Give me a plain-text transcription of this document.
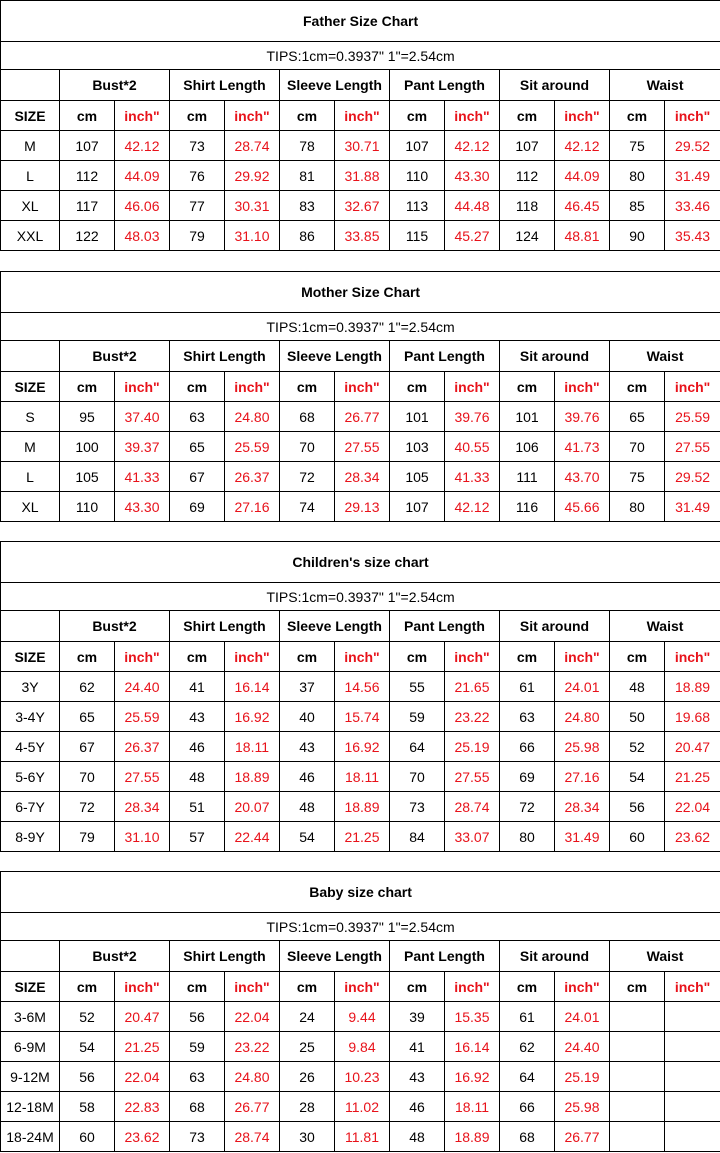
Father Size Chart												
TIPS:1cm=0.3937" 1"=2.54cm												
	Bust*2		Shirt Length		Sleeve Length		Pant Length		Sit around		Waist	
SIZE	cm	inch"	cm	inch"	cm	inch"	cm	inch"	cm	inch"	cm	inch"
M	107	42.12	73	28.74	78	30.71	107	42.12	107	42.12	75	29.52
L	112	44.09	76	29.92	81	31.88	110	43.30	112	44.09	80	31.49
XL	117	46.06	77	30.31	83	32.67	113	44.48	118	46.45	85	33.46
XXL	122	48.03	79	31.10	86	33.85	115	45.27	124	48.81	90	35.43
Mother Size Chart												
TIPS:1cm=0.3937" 1"=2.54cm												
	Bust*2		Shirt Length		Sleeve Length		Pant Length		Sit around		Waist	
SIZE	cm	inch"	cm	inch"	cm	inch"	cm	inch"	cm	inch"	cm	inch"
S	95	37.40	63	24.80	68	26.77	101	39.76	101	39.76	65	25.59
M	100	39.37	65	25.59	70	27.55	103	40.55	106	41.73	70	27.55
L	105	41.33	67	26.37	72	28.34	105	41.33	111	43.70	75	29.52
XL	110	43.30	69	27.16	74	29.13	107	42.12	116	45.66	80	31.49
Children's size chart												
TIPS:1cm=0.3937" 1"=2.54cm												
	Bust*2		Shirt Length		Sleeve Length		Pant Length		Sit around		Waist	
SIZE	cm	inch"	cm	inch"	cm	inch"	cm	inch"	cm	inch"	cm	inch"
3Y	62	24.40	41	16.14	37	14.56	55	21.65	61	24.01	48	18.89
3-4Y	65	25.59	43	16.92	40	15.74	59	23.22	63	24.80	50	19.68
4-5Y	67	26.37	46	18.11	43	16.92	64	25.19	66	25.98	52	20.47
5-6Y	70	27.55	48	18.89	46	18.11	70	27.55	69	27.16	54	21.25
6-7Y	72	28.34	51	20.07	48	18.89	73	28.74	72	28.34	56	22.04
8-9Y	79	31.10	57	22.44	54	21.25	84	33.07	80	31.49	60	23.62
Baby size chart												
TIPS:1cm=0.3937" 1"=2.54cm												
	Bust*2		Shirt Length		Sleeve Length		Pant Length		Sit around		Waist	
SIZE	cm	inch"	cm	inch"	cm	inch"	cm	inch"	cm	inch"	cm	inch"
3-6M	52	20.47	56	22.04	24	9.44	39	15.35	61	24.01		
6-9M	54	21.25	59	23.22	25	9.84	41	16.14	62	24.40		
9-12M	56	22.04	63	24.80	26	10.23	43	16.92	64	25.19		
12-18M	58	22.83	68	26.77	28	11.02	46	18.11	66	25.98		
18-24M	60	23.62	73	28.74	30	11.81	48	18.89	68	26.77		
